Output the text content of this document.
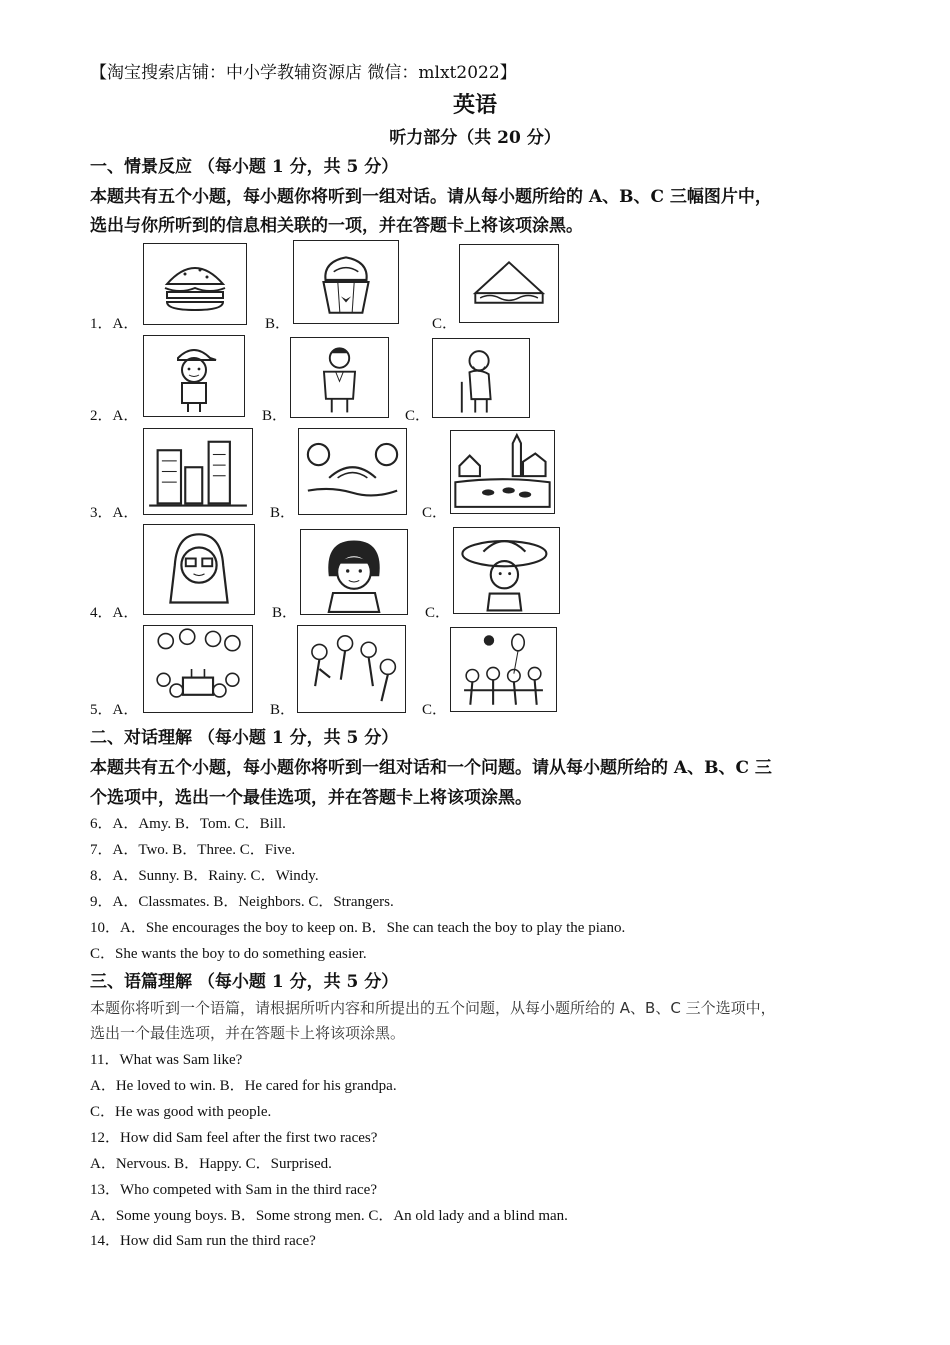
【淘宝搜索店铺：中小学教辅资源店 微信：mlxt2022】
英语
听力部分（共 20 分）
一、情景反应 （每小题 1 分，共 5 分）
本题共有五个小题，每小题你将听到一组对话。请从每小题所给的 A、B、C 三幅图片中，
选出与你所听到的信息相关联的一项，并在答题卡上将该项涂黑。
1．A．	B．	C．
2．A．	B．	C．
3．A．	B．	C．
4．A．	B．	C．
5．A．	B．	C．
二、对话理解 （每小题 1 分，共 5 分）
本题共有五个小题，每小题你将听到一组对话和一个问题。请从每小题所给的 A、B、C 三
个选项中，选出一个最佳选项，并在答题卡上将该项涂黑。
6．A．Amy. B．Tom. C．Bill.
7．A．Two. B．Three. C．Five.
8．A．Sunny. B．Rainy. C．Windy.
9．A．Classmates. B．Neighbors. C．Strangers.
10．A．She encourages the boy to keep on. B．She can teach the boy to play the piano.
C．She wants the boy to do something easier.
三、语篇理解 （每小题 1 分，共 5 分）
本题你将听到一个语篇，请根据所听内容和所提出的五个问题，从每小题所给的 A、B、C 三个选项中，
选出一个最佳选项，并在答题卡上将该项涂黑。
11．What was Sam like?
A．He loved to win. B．He cared for his grandpa.
C．He was good with people.
12．How did Sam feel after the first two races?
A．Nervous. B．Happy. C．Surprised.
13．Who competed with Sam in the third race?
A．Some young boys. B．Some strong men. C．An old lady and a blind man.
14．How did Sam run the third race?
